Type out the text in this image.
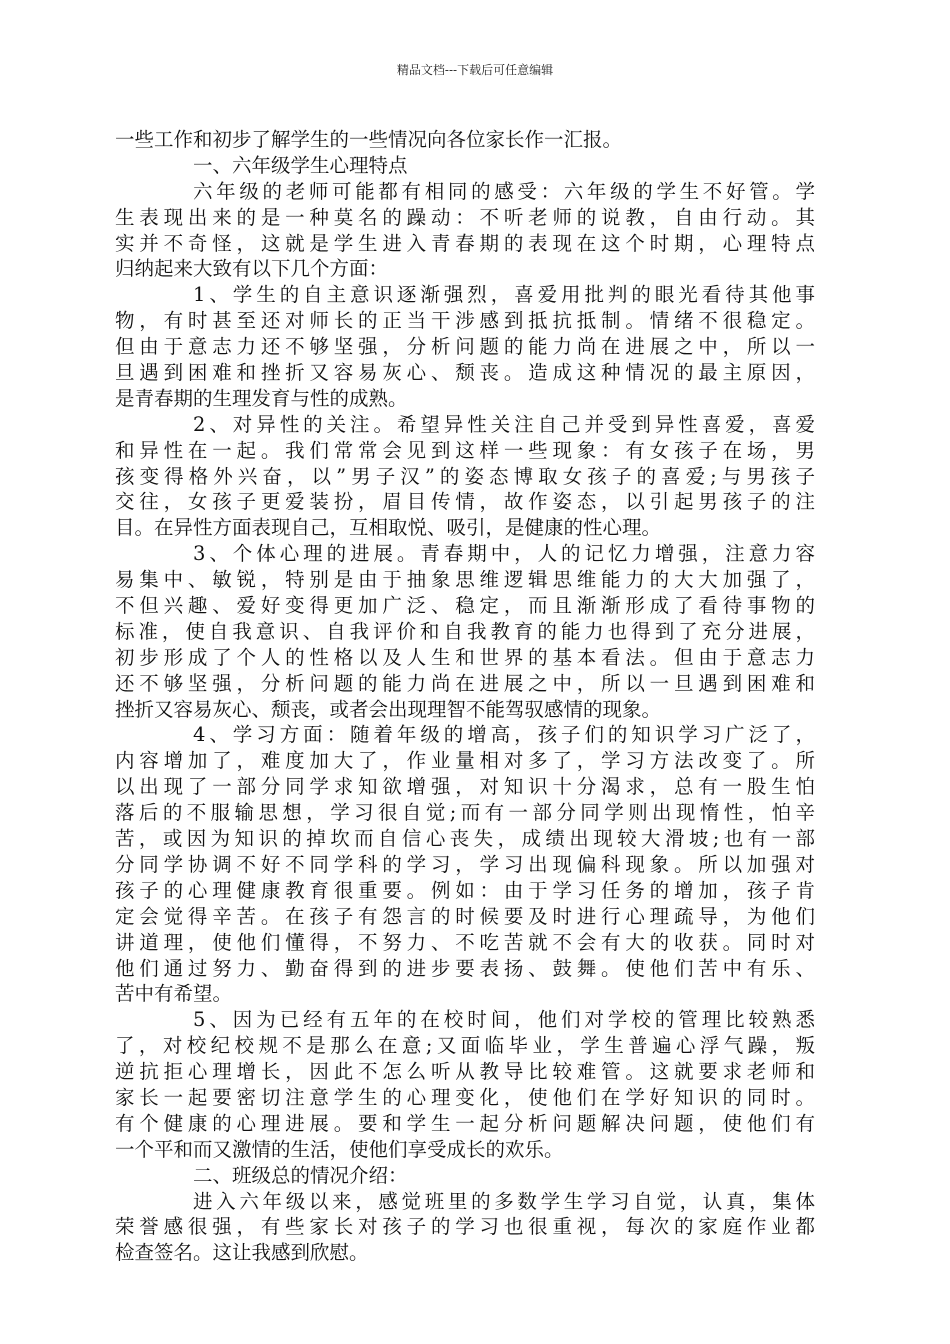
精品文档---下载后可任意编辑
一些工作和初步了解学生的一些情况向各位家长作一汇报。
一、六年级学生心理特点
六年级的老师可能都有相同的感受：六年级的学生不好管。学
生表现出来的是一种莫名的躁动：不听老师的说教，自由行动。其
实并不奇怪，这就是学生进入青春期的表现在这个时期，心理特点
归纳起来大致有以下几个方面：
1、学生的自主意识逐渐强烈，喜爱用批判的眼光看待其他事
物，有时甚至还对师长的正当干涉感到抵抗抵制。情绪不很稳定。
但由于意志力还不够坚强，分析问题的能力尚在进展之中，所以一
旦遇到困难和挫折又容易灰心、颓丧。造成这种情况的最主原因，
是青春期的生理发育与性的成熟。
2、对异性的关注。希望异性关注自己并受到异性喜爱，喜爱
和异性在一起。我们常常会见到这样一些现象：有女孩子在场，男
孩变得格外兴奋，以”男子汉”的姿态博取女孩子的喜爱;与男孩子
交往，女孩子更爱装扮，眉目传情，故作姿态，以引起男孩子的注
目。在异性方面表现自己，互相取悦、吸引，是健康的性心理。
3、个体心理的进展。青春期中，人的记忆力增强，注意力容
易集中、敏锐，特别是由于抽象思维逻辑思维能力的大大加强了，
不但兴趣、爱好变得更加广泛、稳定，而且渐渐形成了看待事物的
标准，使自我意识、自我评价和自我教育的能力也得到了充分进展，
初步形成了个人的性格以及人生和世界的基本看法。但由于意志力
还不够坚强，分析问题的能力尚在进展之中，所以一旦遇到困难和
挫折又容易灰心、颓丧，或者会出现理智不能驾驭感情的现象。
4、学习方面：随着年级的增高，孩子们的知识学习广泛了，
内容增加了，难度加大了，作业量相对多了，学习方法改变了。所
以出现了一部分同学求知欲增强，对知识十分渴求，总有一股生怕
落后的不服输思想，学习很自觉;而有一部分同学则出现惰性，怕辛
苦，或因为知识的掉坎而自信心丧失，成绩出现较大滑坡;也有一部
分同学协调不好不同学科的学习，学习出现偏科现象。所以加强对
孩子的心理健康教育很重要。例如：由于学习任务的增加，孩子肯
定会觉得辛苦。在孩子有怨言的时候要及时进行心理疏导，为他们
讲道理，使他们懂得，不努力、不吃苦就不会有大的收获。同时对
他们通过努力、勤奋得到的进步要表扬、鼓舞。使他们苦中有乐、
苦中有希望。
5、因为已经有五年的在校时间，他们对学校的管理比较熟悉
了，对校纪校规不是那么在意;又面临毕业，学生普遍心浮气躁，叛
逆抗拒心理增长，因此不怎么听从教导比较难管。这就要求老师和
家长一起要密切注意学生的心理变化，使他们在学好知识的同时。
有个健康的心理进展。要和学生一起分析问题解决问题，使他们有
一个平和而又激情的生活，使他们享受成长的欢乐。
二、班级总的情况介绍：
进入六年级以来，感觉班里的多数学生学习自觉，认真，集体
荣誉感很强，有些家长对孩子的学习也很重视，每次的家庭作业都
检查签名。这让我感到欣慰。
